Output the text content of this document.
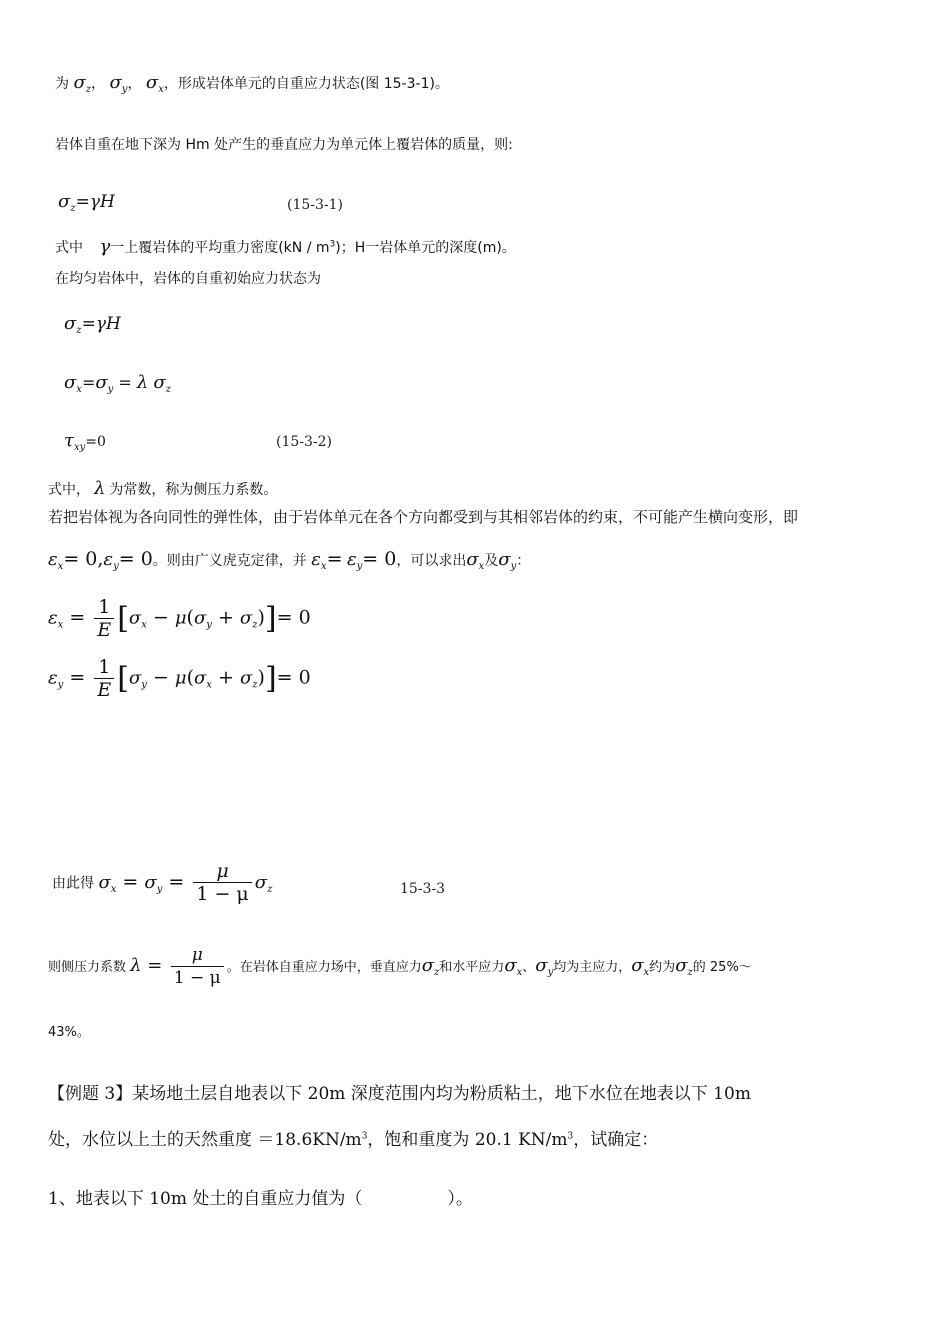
为 $\sigma_z$， $\sigma_y$， $\sigma_x$，形成岩体单元的自重应力状态(图 15-3-1)。
岩体自重在地下深为 Hm 处产生的垂直应力为单元体上覆岩体的质量，则:
$\sigma_z=\gamma H$	(15-3-1)
式中 γ一上覆岩体的平均重力密度$(kN / m^3)$；H一岩体单元的深度(m)。
在均匀岩体中，岩体的自重初始应力状态为
$\sigma_z=\gamma H$
$\sigma_x=\sigma_y = \lambda$ $\sigma_z$
$\tau_{xy}=0$	(15-3-2)
式中， λ 为常数，称为侧压力系数。
若把岩体视为各向同性的弹性体，由于岩体单元在各个方向都受到与其相邻岩体的约束，不可能产生横向变形，即
$\varepsilon_x= 0,\varepsilon_y= 0$。则由广义虎克定律，并 $\varepsilon_x= \varepsilon_y= 0$，可以求出$\sigma_x$及$\sigma_y$：
$\varepsilon_x = \frac{1}{E} [\sigma_x - \mu(\sigma_y + \sigma_z)]= 0$
$\varepsilon_y = \frac{1}{E} [\sigma_y - \mu(\sigma_x + \sigma_z)]= 0$
由此得 $\sigma_x = \sigma_y = \frac{\mu}{1 - \mu} \sigma_z$	15-3-3
则侧压力系数 $\lambda = \frac{\mu}{1 - \mu}$ 。在岩体自重应力场中，垂直应力$\sigma_z$和水平应力$\sigma_x$、$\sigma_y$均为主应力，$\sigma_x$约为$\sigma_z$的 25%～
43%。
【例题 3】某场地土层自地表以下 20m 深度范围内均为粉质粘土，地下水位在地表以下 10m
处，水位以上土的天然重度 $=18.6KN/m^3$，饱和重度为 20.1 $KN/m^3$，试确定：
1、地表以下 10m 处土的自重应力值为（　　　　　）。
